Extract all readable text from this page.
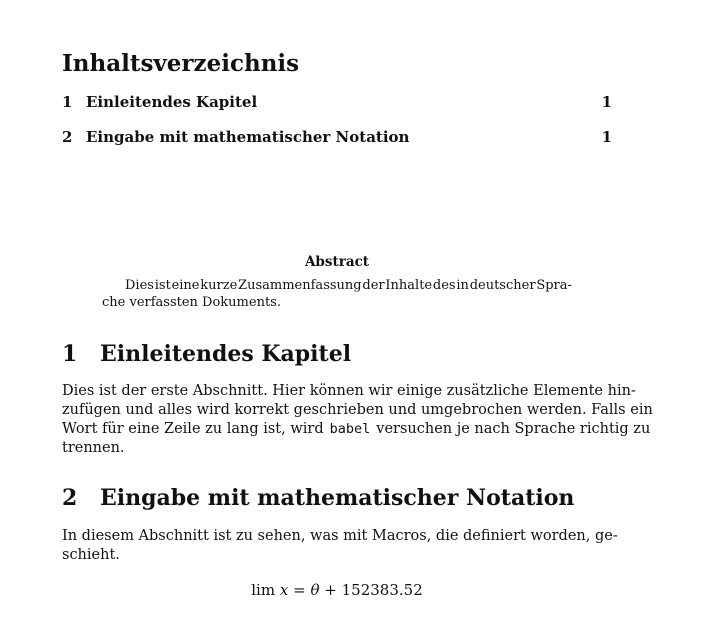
Inhaltsverzeichnis
1 Einleitendes Kapitel	1
2 Eingabe mit mathematischer Notation	1
Abstract
Dies ist eine kurze Zusammenfassung der Inhalte des in deutscher Spra-
che verfassten Dokuments.
1 Einleitendes Kapitel
Dies ist der erste Abschnitt. Hier können wir einige zusätzliche Elemente hin-
zufügen und alles wird korrekt geschrieben und umgebrochen werden. Falls ein
Wort für eine Zeile zu lang ist, wird babel versuchen je nach Sprache richtig zu
trennen.
2 Eingabe mit mathematischer Notation
In diesem Abschnitt ist zu sehen, was mit Macros, die definiert worden, ge-
schieht.
lim x = θ + 152383.52
